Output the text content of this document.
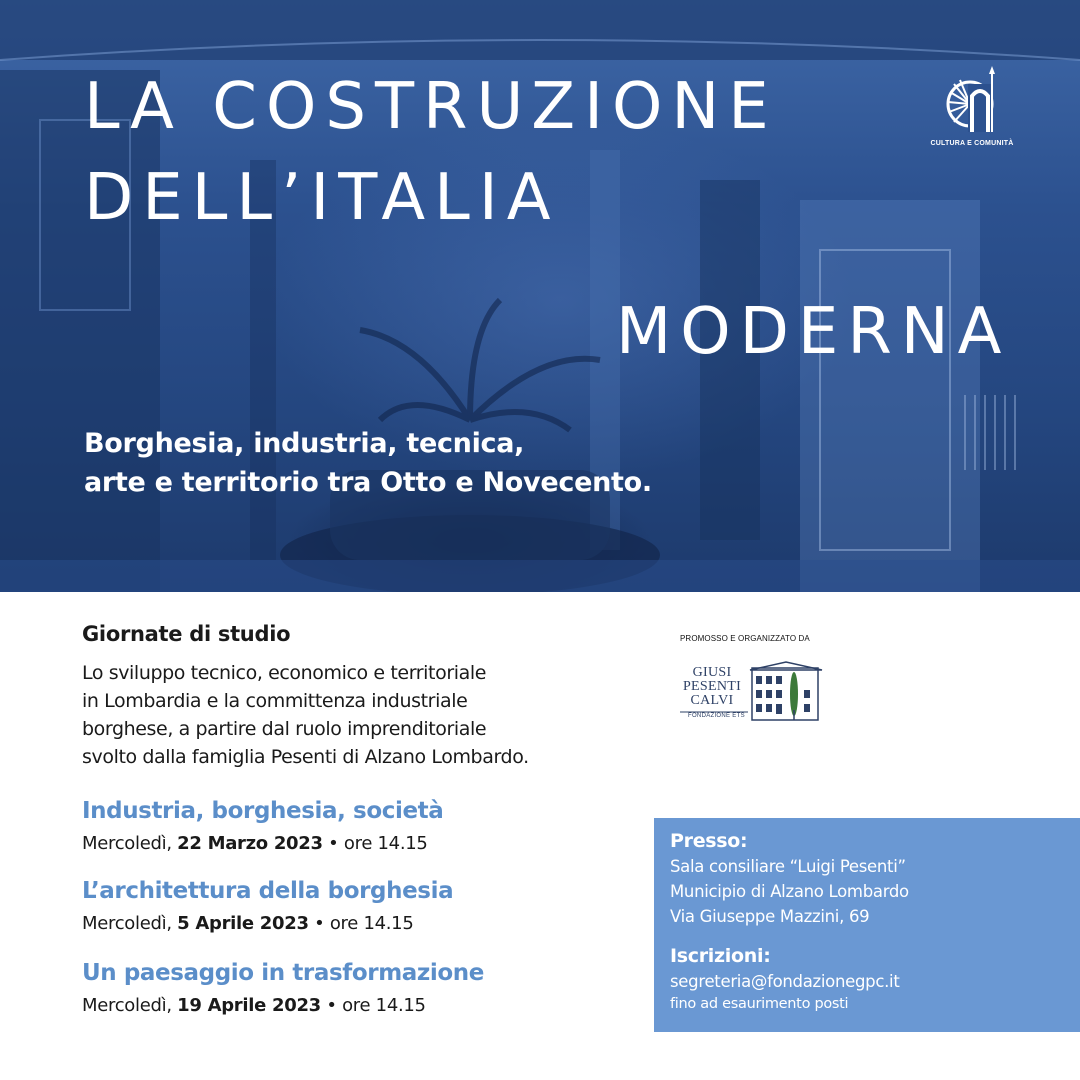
LA COSTRUZIONE
DELL’ITALIA
MODERNA
Borghesia, industria, tecnica,
arte e territorio tra Otto e Novecento.
CULTURA E COMUNITÀ
Giornate di studio
Lo sviluppo tecnico, economico e territoriale
in Lombardia e la committenza industriale
borghese, a partire dal ruolo imprenditoriale
svolto dalla famiglia Pesenti di Alzano Lombardo.
Industria, borghesia, società
Mercoledì, 22 Marzo 2023 • ore 14.15
L’architettura della borghesia
Mercoledì, 5 Aprile 2023 • ore 14.15
Un paesaggio in trasformazione
Mercoledì, 19 Aprile 2023 • ore 14.15
PROMOSSO E ORGANIZZATO DA
GIUSI
PESENTI
CALVI
FONDAZIONE ETS
Presso:
Sala consiliare “Luigi Pesenti”
Municipio di Alzano Lombardo
Via Giuseppe Mazzini, 69
Iscrizioni:
segreteria@fondazionegpc.it
fino ad esaurimento posti
